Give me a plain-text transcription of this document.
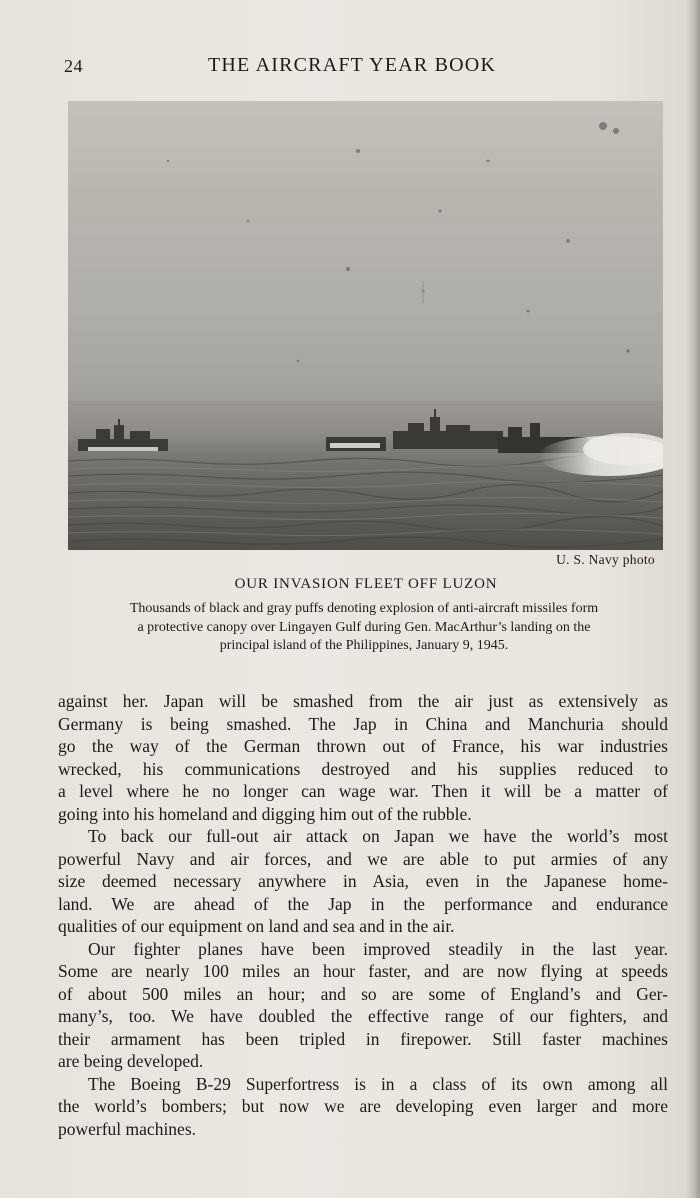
24	THE AIRCRAFT YEAR BOOK
U. S. Navy photo
OUR INVASION FLEET OFF LUZON
Thousands of black and gray puffs denoting explosion of anti-aircraft missiles form
a protective canopy over Lingayen Gulf during Gen. MacArthur’s landing on the
principal island of the Philippines, January 9, 1945.
against her. Japan will be smashed from the air just as extensively as
Germany is being smashed. The Jap in China and Manchuria should
go the way of the German thrown out of France, his war industries
wrecked, his communications destroyed and his supplies reduced to
a level where he no longer can wage war. Then it will be a matter of
going into his homeland and digging him out of the rubble.
To back our full-out air attack on Japan we have the world’s most
powerful Navy and air forces, and we are able to put armies of any
size deemed necessary anywhere in Asia, even in the Japanese home-
land. We are ahead of the Jap in the performance and endurance
qualities of our equipment on land and sea and in the air.
Our fighter planes have been improved steadily in the last year.
Some are nearly 100 miles an hour faster, and are now flying at speeds
of about 500 miles an hour; and so are some of England’s and Ger-
many’s, too. We have doubled the effective range of our fighters, and
their armament has been tripled in firepower. Still faster machines
are being developed.
The Boeing B-29 Superfortress is in a class of its own among all
the world’s bombers; but now we are developing even larger and more
powerful machines.
